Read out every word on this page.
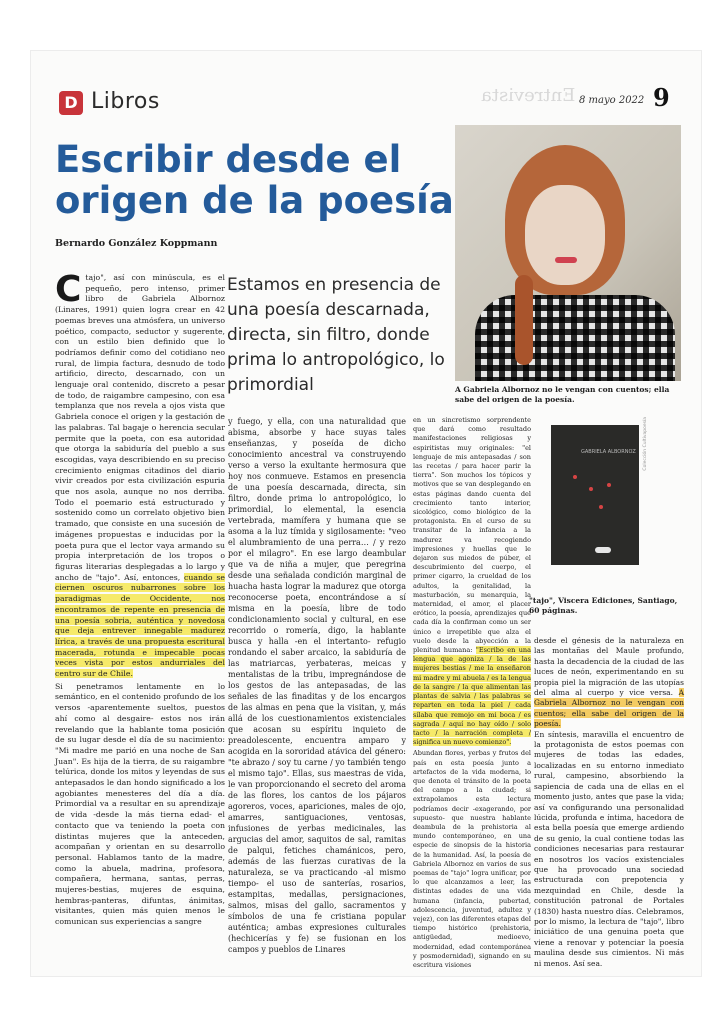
D Libros	Entrevista 8 mayo 2022 9
Escribir desde el origen de la poesía
Bernardo González Koppmann

Estamos en presencia de una poesía descarnada, directa, sin filtro, donde prima lo antropológico, lo primordial	A Gabriela Albornoz no le vengan con cuentos; ella sabe del origen de la poesía.

GABRIELA ALBORNOZ Colección Cultivapoesía

"tajo", Viscera Ediciones, Santiago, 60 páginas.

C tajo", así con minúscula, es el pequeño, pero intenso, primer libro de Gabriela Albornoz (Linares, 1991) quien logra crear en 42 poemas breves una atmósfera, un universo poético, compacto, seductor y sugerente, con un estilo bien definido que lo podríamos definir como del cotidiano neo rural, de limpia factura, desnudo de todo artificio, directo, descarnado, con un lenguaje oral contenido, discreto a pesar de todo, de raigambre campesino, con esa templanza que nos revela a ojos vista que Gabriela conoce el origen y la gestación de las palabras. Tal bagaje o herencia secular permite que la poeta, con esa autoridad que otorga la sabiduría del pueblo a sus escogidas, vaya describiendo en su preciso crecimiento enigmas citadinos del diario vivir creados por esta civilización espuria que nos asola, aunque no nos derriba. Todo el poemario está estructurado y sostenido como un correlato objetivo bien tramado, que consiste en una sucesión de imágenes propuestas e inducidas por la poeta pura que el lector vaya armando su propia interpretación de los tropos o figuras literarias desplegadas a lo largo y ancho de "tajo". Así, entonces, cuando se ciernen oscuros nubarrones sobre los paradigmas de Occidente, nos encontramos de repente en presencia de una poesía sobria, auténtica y novedosa que deja entrever innegable madurez lírica, a través de una propuesta escritural macerada, rotunda e impecable pocas veces vista por estos andurriales del centro sur de Chile.

Si penetramos lentamente en lo semántico, en el contenido profundo de los versos -aparentemente sueltos, puestos ahí como al desgaire- estos nos irán revelando que la hablante toma posición de su lugar desde el día de su nacimiento: "Mi madre me parió en una noche de San Juan". Es hija de la tierra, de su raigambre telúrica, donde los mitos y leyendas de sus antepasados le dan hondo significado a los agobiantes menesteres del día a día. Primordial va a resultar en su aprendizaje de vida -desde la más tierna edad- el contacto que va teniendo la poeta con distintas mujeres que la anteceden, acompañan y orientan en su desarrollo personal. Hablamos tanto de la madre, como la abuela, madrina, profesora, compañera, hermana, santas, perras, mujeres-bestias, mujeres de esquina, hembras-panteras, difuntas, ánimitas, visitantes, quien más quien menos le comunican sus experiencias a sangre

y fuego, y ella, con una naturalidad que abisma, absorbe y hace suyas tales enseñanzas, y poseída de dicho conocimiento ancestral va construyendo verso a verso la exultante hermosura que hoy nos conmueve. Estamos en presencia de una poesía descarnada, directa, sin filtro, donde prima lo antropológico, lo primordial, lo elemental, la esencia vertebrada, mamífera y humana que se asoma a la luz tímida y sigilosamente: "veo el alumbramiento de una perra… / y rezo por el milagro". En ese largo deambular que va de niña a mujer, que peregrina desde una señalada condición marginal de huacha hasta lograr la madurez que otorga reconocerse poeta, encontrándose a sí misma en la poesía, libre de todo condicionamiento social y cultural, en ese recorrido o romería, digo, la hablante busca y halla -en el intertanto- refugio rondando el saber arcaico, la sabiduría de las matriarcas, yerbateras, meicas y mentalistas de la tribu, impregnándose de los gestos de las antepasadas, de las señales de las finaditas y de los encargos de las almas en pena que la visitan, y, más allá de los cuestionamientos existenciales que acosan su espíritu inquieto de preadolescente, encuentra amparo y acogida en la sororidad atávica del género: "te abrazo / soy tu carne / yo también tengo el mismo tajo". Ellas, sus maestras de vida, le van proporcionando el secreto del aroma de las flores, los cantos de los pájaros agoreros, voces, apariciones, males de ojo, amarres, santiguaciones, ventosas, infusiones de yerbas medicinales, las argucias del amor, saquitos de sal, ramitas de palqui, fetiches chamánicos, pero, además de las fuerzas curativas de la naturaleza, se va practicando -al mismo tiempo- el uso de santerías, rosarios, estampitas, medallas, persignaciones, salmos, misas del gallo, sacramentos y símbolos de una fe cristiana popular auténtica; ambas expresiones culturales (hechicerías y fe) se fusionan en los campos y pueblos de Linares

en un sincretismo sorprendente que dará como resultado manifestaciones religiosas y espiritistas muy originales: "el lenguaje de mis antepasadas / son las recetas / para hacer parir la tierra". Son muchos los tópicos y motivos que se van desplegando en estas páginas dando cuenta del crecimiento tanto interior, sicológico, como biológico de la protagonista. En el curso de su transitar de la infancia a la madurez va recogiendo impresiones y huellas que le dejaron sus miedos de púber, el descubrimiento del cuerpo, el primer cigarro, la crueldad de los adultos, la genitalidad, la masturbación, su menarquia, la maternidad, el amor, el placer erótico, la poesía, aprendizajes que cada día la confirman como un ser único e irrepetible que alza el vuelo desde la abyección a la plenitud humana: "Escribo en una lengua que agoniza / la de las mujeres bestias / me la enseñaron mi madre y mi abuela / es la lengua de la sangre / la que alimentan las plantas de salvia / las palabras se reparten en toda la piel / cada sílaba que remojo en mi boca / es sagrada / aquí no hay oído / solo tacto / la narración completa / significa un nuevo comienzo".

Abundan flores, yerbas y frutos del país en esta poesía junto a artefactos de la vida moderna, lo que denota el tránsito de la poeta del campo a la ciudad; si extrapolamos esta lectura podríamos decir -exagerando, por supuesto- que nuestra hablante deambula de la prehistoria al mundo contemporáneo, en una especie de sinopsis de la historia de la humanidad. Así, la poesía de Gabriela Albornoz en varios de sus poemas de "tajo" logra unificar, por lo que alcanzamos a leer, las distintas edades de una vida humana (infancia, pubertad, adolescencia, juventud, adultez y vejez), con las diferentes etapas del tiempo histórico (prehistoria, antigüedad, medioevo, modernidad, edad contemporánea y posmodernidad), signando en su escritura visiones

desde el génesis de la naturaleza en las montañas del Maule profundo, hasta la decadencia de la ciudad de las luces de neón, experimentando en su propia piel la migración de las utopías del alma al cuerpo y vice versa. A Gabriela Albornoz no le vengan con cuentos; ella sabe del origen de la poesía.

En síntesis, maravilla el encuentro de la protagonista de estos poemas con mujeres de todas las edades, localizadas en su entorno inmediato rural, campesino, absorbiendo la sapiencia de cada una de ellas en el momento justo, antes que pase la vida; así va configurando una personalidad lúcida, profunda e íntima, hacedora de esta bella poesía que emerge ardiendo de su genio, la cual contiene todas las condiciones necesarias para restaurar en nosotros los vacíos existenciales que ha provocado una sociedad estructurada con prepotencia y mezquindad en Chile, desde la constitución patronal de Portales (1830) hasta nuestro días. Celebramos, por lo mismo, la lectura de "tajo", libro iniciático de una genuina poeta que viene a renovar y potenciar la poesía maulina desde sus cimientos. Ni más ni menos. Así sea.
